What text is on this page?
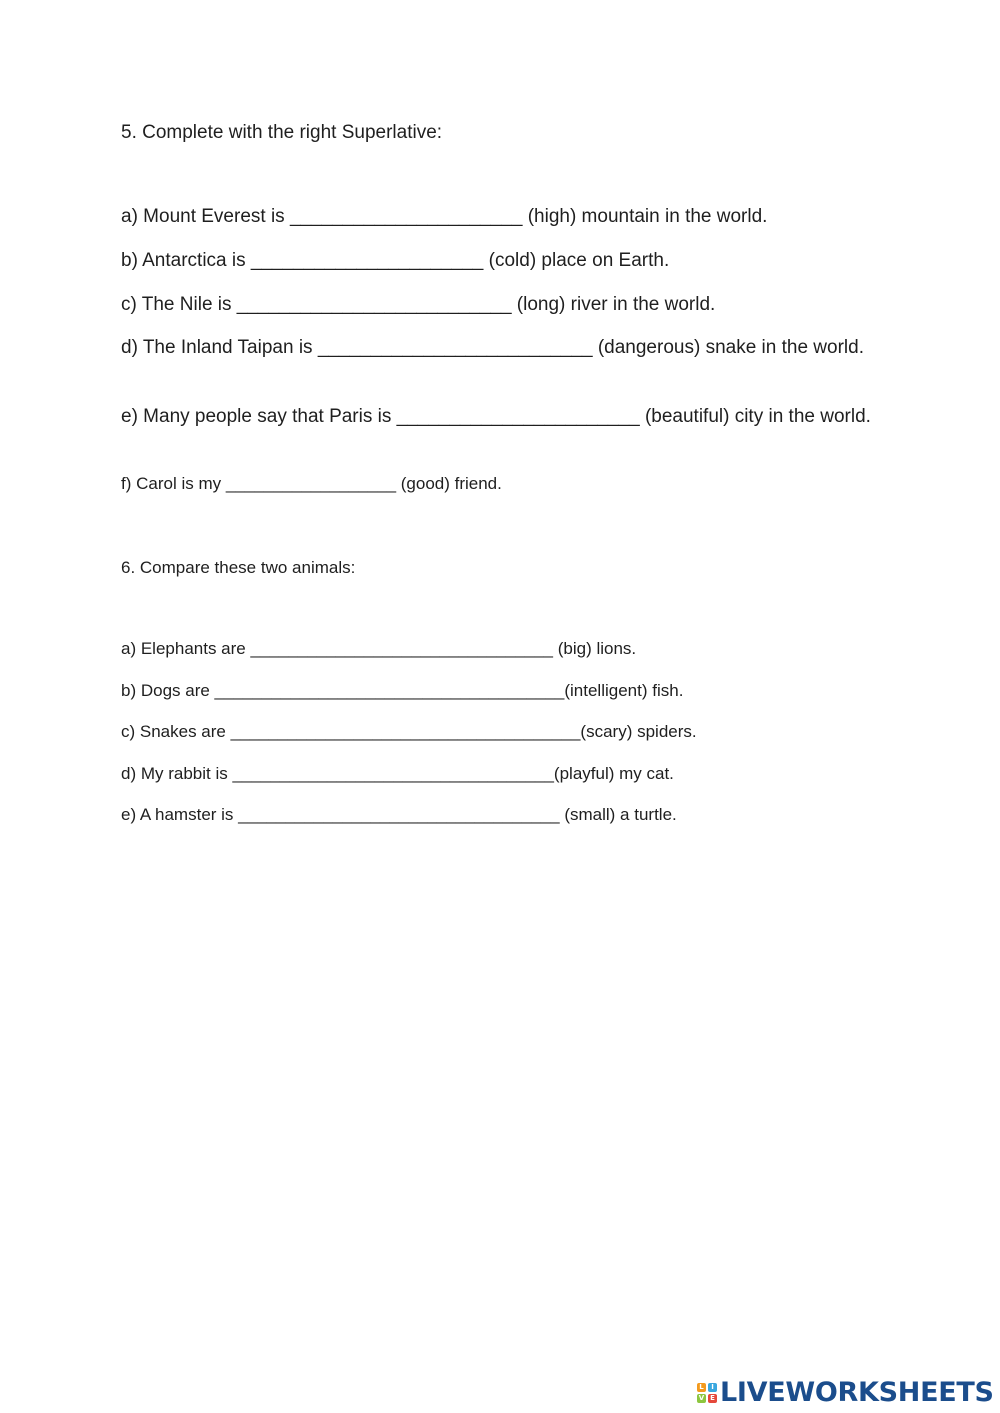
5. Complete with the right Superlative:
a) Mount Everest is ______________________ (high) mountain in the world.
b) Antarctica is ______________________ (cold) place on Earth.
c) The Nile is __________________________ (long) river in the world.
d) The Inland Taipan is __________________________ (dangerous) snake in the world.
e) Many people say that Paris is _______________________ (beautiful) city in the world.
f) Carol is my __________________ (good) friend.
6. Compare these two animals:
a) Elephants are ________________________________ (big) lions.
b) Dogs are _____________________________________(intelligent) fish.
c) Snakes are _____________________________________(scary) spiders.
d) My rabbit is __________________________________(playful) my cat.
e) A hamster is __________________________________ (small) a turtle.
L	I
V E LIVEWORKSHEETS
